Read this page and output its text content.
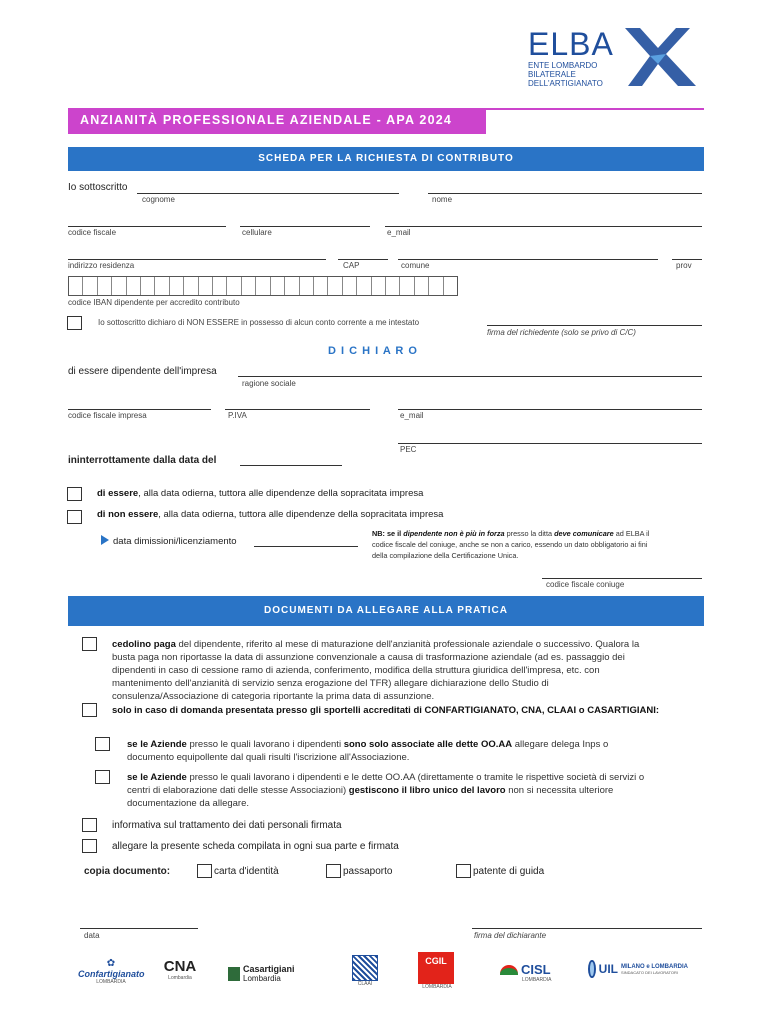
ELBA
ENTE LOMBARDO
BILATERALE
DELL'ARTIGIANATO
ANZIANITÀ PROFESSIONALE AZIENDALE - APA 2024
SCHEDA PER LA RICHIESTA DI CONTRIBUTO
Io sottoscritto
cognome	nome
codice fiscale	cellulare	e_mail
indirizzo residenza	CAP	comune	prov
codice IBAN dipendente per accredito contributo
Io sottoscritto dichiaro di NON ESSERE in possesso di alcun conto corrente a me intestato
firma del richiedente (solo se privo di C/C)
D I C H I A R O
di essere dipendente dell'impresa
ragione sociale
codice fiscale impresa	P.IVA	e_mail
PEC
ininterrottamente dalla data del
di essere, alla data odierna, tuttora alle dipendenze della sopracitata impresa
di non essere, alla data odierna, tuttora alle dipendenze della sopracitata impresa
data dimissioni/licenziamento
NB: se il dipendente non è più in forza presso la ditta deve comunicare ad ELBA il
codice fiscale del coniuge, anche se non a carico, essendo un dato obbligatorio ai fini
della compilazione della Certificazione Unica.
codice fiscale coniuge
DOCUMENTI DA ALLEGARE ALLA PRATICA
cedolino paga del dipendente, riferito al mese di maturazione dell'anzianità professionale aziendale o successivo. Qualora la
busta paga non riportasse la data di assunzione convenzionale a causa di trasformazione aziendale (ad es. passaggio dei
dipendenti in caso di cessione ramo di azienda, conferimento, modifica della struttura giuridica dell'impresa, etc. con
mantenimento dell'anzianità di servizio senza erogazione del TFR) allegare dichiarazione dello Studio di
consulenza/Associazione di categoria riportante la prima data di assunzione.
solo in caso di domanda presentata presso gli sportelli accreditati di CONFARTIGIANATO, CNA, CLAAI o CASARTIGIANI:
se le Aziende presso le quali lavorano i dipendenti sono solo associate alle dette OO.AA allegare delega Inps o
documento equipollente dal quali risulti l'iscrizione all'Associazione.
se le Aziende presso le quali lavorano i dipendenti e le dette OO.AA (direttamente o tramite le rispettive società di servizi o
centri di elaborazione dati delle stesse Associazioni) gestiscono il libro unico del lavoro non si necessita ulteriore
documentazione da allegare.
informativa sul trattamento dei dati personali firmata
allegare la presente scheda compilata in ogni sua parte e firmata
copia documento:	carta d'identità	passaporto	patente di guida
data	firma del dichiarante
✿
Confartigianato
LOMBARDIA
CNA
Lombardia
Casartigiani
Lombardia
CLAAI
CGIL
LOMBARDIA
CISL
LOMBARDIA
UIL MILANO e LOMBARDIA
SINDACATO DEI LAVORATORI
